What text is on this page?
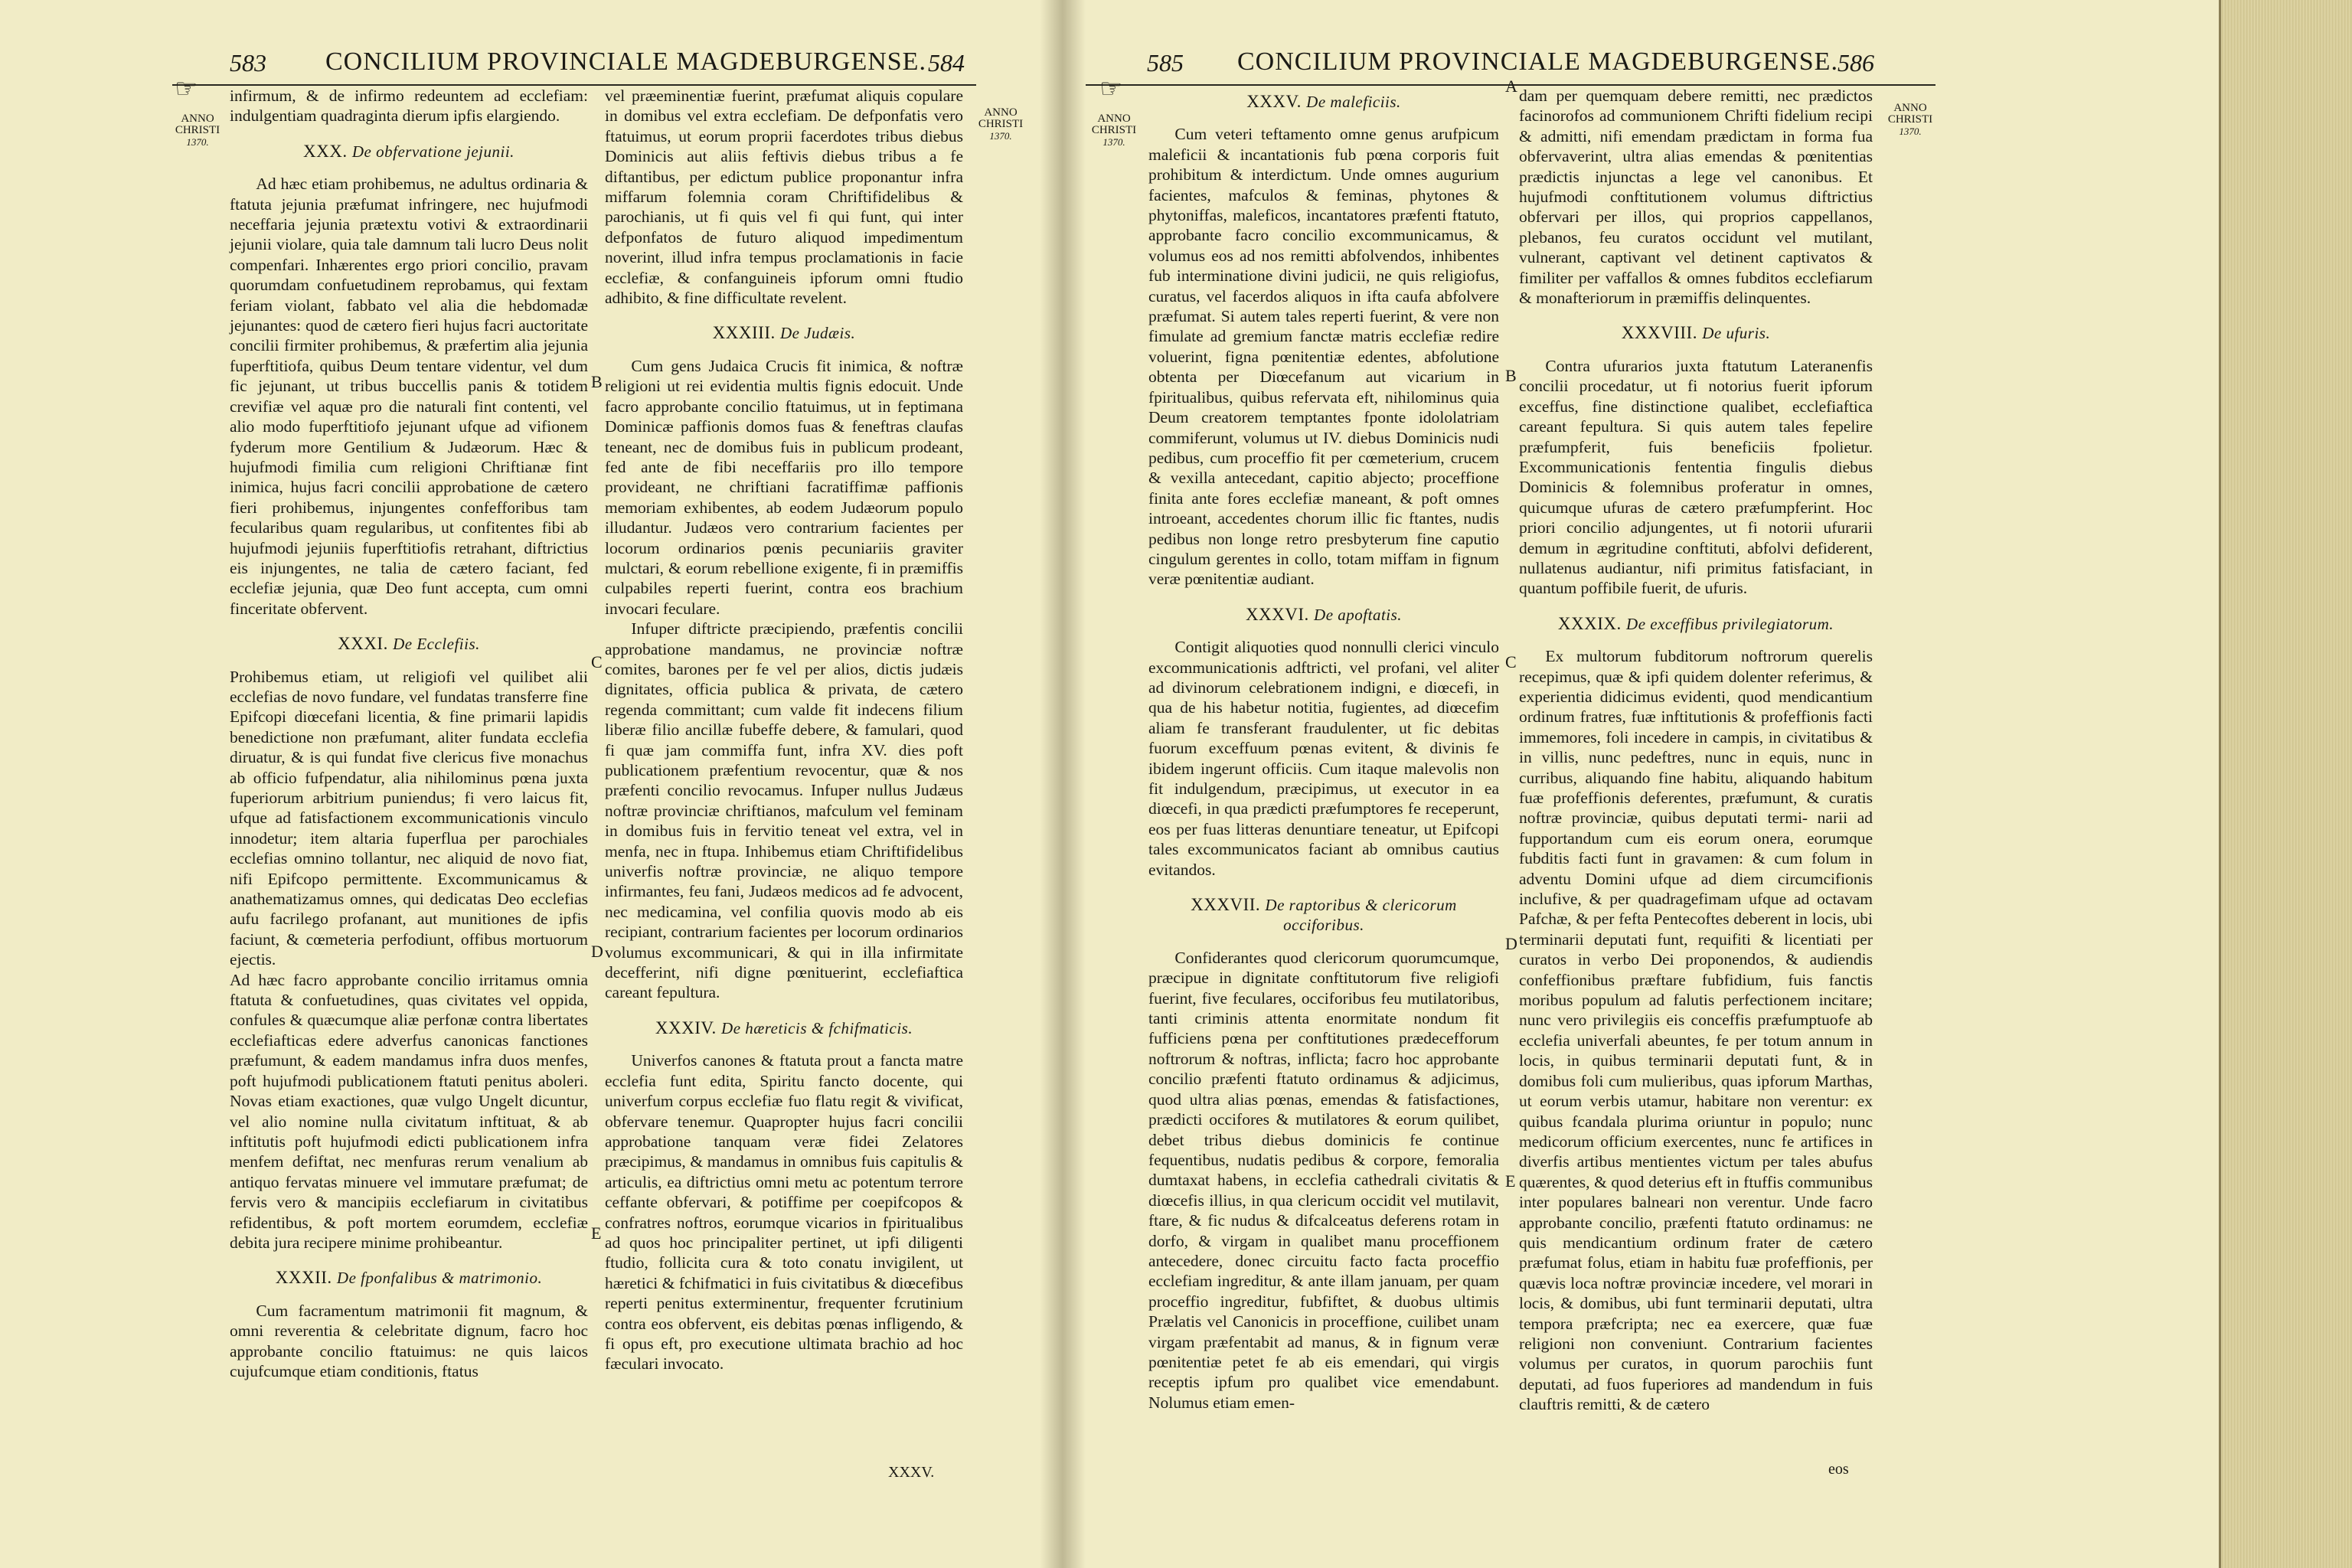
583 CONCILIUM PROVINCIALE MAGDEBURGENSE. 584
☞
ANNO
CHRISTI
1370.
ANNO
CHRISTI
1370.

infirmum, & de infirmo redeuntem ad ecclefiam: indulgentiam quadraginta dierum ipfis elargiendo.

XXX. De obfervatione jejunii.

Ad hæc etiam prohibemus, ne adultus ordinaria & ftatuta jejunia præfumat infringere, nec hujufmodi neceffaria jejunia prætextu votivi & extraordinarii jejunii violare, quia tale damnum tali lucro Deus nolit compenfari. Inhærentes ergo priori concilio, pravam quorumdam confuetudinem reprobamus, qui fextam feriam violant, fabbato vel alia die hebdomadæ jejunantes: quod de cætero fieri hujus facri auctoritate concilii firmiter prohibemus, & præfertim alia jejunia fuperftitiofa, quibus Deum tentare videntur, vel dum fic jejunant, ut tribus buccellis panis & totidem crevifiæ vel aquæ pro die naturali fint contenti, vel alio modo fuperftitiofo jejunant ufque ad vifionem fyderum more Gentilium & Judæorum. Hæc & hujufmodi fimilia cum religioni Chriftianæ fint inimica, hujus facri concilii approbatione de cætero fieri prohibemus, injungentes confefforibus tam fecularibus quam regularibus, ut confitentes fibi ab hujufmodi jejuniis fuperftitiofis retrahant, diftrictius eis injungentes, ne talia de cætero faciant, fed ecclefiæ jejunia, quæ Deo funt accepta, cum omni finceritate obfervent.

XXXI. De Ecclefiis.

Prohibemus etiam, ut religiofi vel quilibet alii ecclefias de novo fundare, vel fundatas transferre fine Epifcopi diœcefani licentia, & fine primarii lapidis benedictione non præfumant, aliter fundata ecclefia diruatur, & is qui fundat five clericus five monachus ab officio fufpendatur, alia nihilominus pœna juxta fuperiorum arbitrium puniendus; fi vero laicus fit, ufque ad fatisfactionem excommunicationis vinculo innodetur; item altaria fuperflua per parochiales ecclefias omnino tollantur, nec aliquid de novo fiat, nifi Epifcopo permittente. Excommunicamus & anathematizamus omnes, qui dedicatas Deo ecclefias aufu facrilego profanant, aut munitiones de ipfis faciunt, & cœmeteria perfodiunt, offibus mortuorum ejectis.

Ad hæc facro approbante concilio irritamus omnia ftatuta & confuetudines, quas civitates vel oppida, confules & quæcumque aliæ perfonæ contra libertates ecclefiafticas edere adverfus canonicas fanctiones præfumunt, & eadem mandamus infra duos menfes, poft hujufmodi publicationem ftatuti penitus aboleri. Novas etiam exactiones, quæ vulgo Ungelt dicuntur, vel alio nomine nulla civitatum inftituat, & ab inftitutis poft hujufmodi edicti publicationem infra menfem defiftat, nec menfuras rerum venalium ab antiquo fervatas minuere vel immutare præfumat; de fervis vero & mancipiis ecclefiarum in civitatibus refidentibus, & poft mortem eorumdem, ecclefiæ debita jura recipere minime prohibeantur.

XXXII. De fponfalibus & matrimonio.

Cum facramentum matrimonii fit magnum, & omni reverentia & celebritate dignum, facro hoc approbante concilio ftatuimus: ne quis laicos cujufcumque etiam conditionis, ftatus

B
C
D
E

vel præeminentiæ fuerint, præfumat aliquis copulare in domibus vel extra ecclefiam. De defponfatis vero ftatuimus, ut eorum proprii facerdotes tribus diebus Dominicis aut aliis feftivis diebus tribus a fe diftantibus, per edictum publice proponantur infra miffarum folemnia coram Chriftifidelibus & parochianis, ut fi quis vel fi qui funt, qui inter defponfatos de futuro aliquod impedimentum noverint, illud infra tempus proclamationis in facie ecclefiæ, & confanguineis ipforum omni ftudio adhibito, & fine difficultate revelent.

XXXIII. De Judæis.

Cum gens Judaica Crucis fit inimica, & noftræ religioni ut rei evidentia multis fignis edocuit. Unde facro approbante concilio ftatuimus, ut in feptimana Dominicæ paffionis domos fuas & feneftras claufas teneant, nec de domibus fuis in publicum prodeant, fed ante de fibi neceffariis pro illo tempore provideant, ne chriftiani facratiffimæ paffionis memoriam exhibentes, ab eodem Judæorum populo illudantur. Judæos vero contrarium facientes per locorum ordinarios pœnis pecuniariis graviter mulctari, & eorum rebellione exigente, fi in præmiffis culpabiles reperti fuerint, contra eos brachium invocari feculare.

Infuper diftricte præcipiendo, præfentis concilii approbatione mandamus, ne provinciæ noftræ comites, barones per fe vel per alios, dictis judæis dignitates, officia publica & privata, de cætero regenda committant; cum valde fit indecens filium liberæ filio ancillæ fubeffe debere, & famulari, quod fi quæ jam commiffa funt, infra XV. dies poft publicationem præfentium revocentur, quæ & nos præfenti concilio revocamus. Infuper nullus Judæus noftræ provinciæ chriftianos, mafculum vel feminam in domibus fuis in fervitio teneat vel extra, vel in menfa, nec in ftupa. Inhibemus etiam Chriftifidelibus univerfis noftræ provinciæ, ne aliquo tempore infirmantes, feu fani, Judæos medicos ad fe advocent, nec medicamina, vel confilia quovis modo ab eis recipiant, contrarium facientes per locorum ordinarios volumus excommunicari, & qui in illa infirmitate decefferint, nifi digne pœnituerint, ecclefiaftica careant fepultura.

XXXIV. De hæreticis & fchifmaticis.

Univerfos canones & ftatuta prout a fancta matre ecclefia funt edita, Spiritu fancto docente, qui univerfum corpus ecclefiæ fuo flatu regit & vivificat, obfervare tenemur. Quapropter hujus facri concilii approbatione tanquam veræ fidei Zelatores præcipimus, & mandamus in omnibus fuis capitulis & articulis, ea diftrictius omni metu ac potentum terrore ceffante obfervari, & potiffime per coepifcopos & confratres noftros, eorumque vicarios in fpiritualibus ad quos hoc principaliter pertinet, ut ipfi diligenti ftudio, follicita cura & toto conatu invigilent, ut hæretici & fchifmatici in fuis civitatibus & diœcefibus reperti penitus exterminentur, frequenter fcrutinium contra eos obfervent, eis debitas pœnas infligendo, & fi opus eft, pro executione ultimata brachio ad hoc fæculari invocato.

XXXV.
585 CONCILIUM PROVINCIALE MAGDEBURGENSE. 586
☞
ANNO
CHRISTI
1370.
ANNO
CHRISTI
1370.
XXXV. De maleficiis.

Cum veteri teftamento omne genus arufpicum maleficii & incantationis fub pœna corporis fuit prohibitum & interdictum. Unde omnes augurium facientes, mafculos & feminas, phytones & phytoniffas, maleficos, incantatores præfenti ftatuto, approbante facro concilio excommunicamus, & volumus eos ad nos remitti abfolvendos, inhibentes fub interminatione divini judicii, ne quis religiofus, curatus, vel facerdos aliquos in ifta caufa abfolvere præfumat. Si autem tales reperti fuerint, & vere non fimulate ad gremium fanctæ matris ecclefiæ redire voluerint, figna pœnitentiæ edentes, abfolutione obtenta per Diœcefanum aut vicarium in fpiritualibus, quibus refervata eft, nihilominus quia Deum creatorem temptantes fponte idololatriam commiferunt, volumus ut IV. diebus Dominicis nudi pedibus, cum proceffio fit per cœmeterium, crucem & vexilla antecedant, capitio abjecto; proceffione finita ante fores ecclefiæ maneant, & poft omnes introeant, accedentes chorum illic fic ftantes, nudis pedibus non longe retro presbyterum fine caputio cingulum gerentes in collo, totam miffam in fignum veræ pœnitentiæ audiant.

XXXVI. De apoftatis.

Contigit aliquoties quod nonnulli clerici vinculo excommunicationis adftricti, vel profani, vel aliter ad divinorum celebrationem indigni, e diœcefi, in qua de his habetur notitia, fugientes, ad diœcefim aliam fe transferant fraudulenter, ut fic debitas fuorum exceffuum pœnas evitent, & divinis fe ibidem ingerunt officiis. Cum itaque malevolis non fit indulgendum, præcipimus, ut executor in ea diœcefi, in qua prædicti præfumptores fe receperunt, eos per fuas litteras denuntiare teneatur, ut Epifcopi tales excommunicatos faciant ab omnibus cautius evitandos.

XXXVII. De raptoribus & clericorum occiforibus.

Confiderantes quod clericorum quorumcumque, præcipue in dignitate conftitutorum five religiofi fuerint, five feculares, occiforibus feu mutilatoribus, tanti criminis attenta enormitate nondum fit fufficiens pœna per conftitutiones prædecefforum noftrorum & noftras, inflicta; facro hoc approbante concilio præfenti ftatuto ordinamus & adjicimus, quod ultra alias pœnas, emendas & fatisfactiones, prædicti occifores & mutilatores & eorum quilibet, debet tribus diebus dominicis fe continue fequentibus, nudatis pedibus & corpore, femoralia dumtaxat habens, in ecclefia cathedrali civitatis & diœcefis illius, in qua clericum occidit vel mutilavit, ftare, & fic nudus & difcalceatus deferens rotam in dorfo, & virgam in qualibet manu proceffionem antecedere, donec circuitu facto facta proceffio ecclefiam ingreditur, & ante illam januam, per quam proceffio ingreditur, fubfiftet, & duobus ultimis Prælatis vel Canonicis in proceffione, cuilibet unam virgam præfentabit ad manus, & in fignum veræ pœnitentiæ petet fe ab eis emendari, qui virgis receptis ipfum pro qualibet vice emendabunt. Nolumus etiam emen-

A
B
C
D
E

dam per quemquam debere remitti, nec prædictos facinorofos ad communionem Chrifti fidelium recipi & admitti, nifi emendam prædictam in forma fua obfervaverint, ultra alias emendas & pœnitentias prædictis injunctas a lege vel canonibus. Et hujufmodi conftitutionem volumus diftrictius obfervari per illos, qui proprios cappellanos, plebanos, feu curatos occidunt vel mutilant, vulnerant, captivant vel detinent captivatos & fimiliter per vaffallos & omnes fubditos ecclefiarum & monafteriorum in præmiffis delinquentes.

XXXVIII. De ufuris.

Contra ufurarios juxta ftatutum Lateranenfis concilii procedatur, ut fi notorius fuerit ipforum exceffus, fine distinctione qualibet, ecclefiaftica careant fepultura. Si quis autem tales fepelire præfumpferit, fuis beneficiis fpolietur. Excommunicationis fententia fingulis diebus Dominicis & folemnibus proferatur in omnes, quicumque ufuras de cætero præfumpferint. Hoc priori concilio adjungentes, ut fi notorii ufurarii demum in ægritudine conftituti, abfolvi defiderent, nullatenus audiantur, nifi primitus fatisfaciant, in quantum poffibile fuerit, de ufuris.

XXXIX. De exceffibus privilegiatorum.

Ex multorum fubditorum noftrorum querelis recepimus, quæ & ipfi quidem dolenter referimus, & experientia didicimus evidenti, quod mendicantium ordinum fratres, fuæ inftitutionis & profeffionis facti immemores, foli incedere in campis, in civitatibus & in villis, nunc pedeftres, nunc in equis, nunc in curribus, aliquando fine habitu, aliquando habitum fuæ profeffionis deferentes, præfumunt, & curatis noftræ provinciæ, quibus deputati termi- narii ad fupportandum cum eis eorum onera, eorumque fubditis facti funt in gravamen: & cum folum in adventu Domini ufque ad diem circumcifionis inclufive, & per quadragefimam ufque ad octavam Pafchæ, & per fefta Pentecoftes deberent in locis, ubi terminarii deputati funt, requifiti & licentiati per curatos in verbo Dei proponendos, & audiendis confeffionibus præftare fubfidium, fuis fanctis moribus populum ad falutis perfectionem incitare; nunc vero privilegiis eis conceffis præfumptuofe ab ecclefia univerfali abeuntes, fe per totum annum in locis, in quibus terminarii deputati funt, & in domibus foli cum mulieribus, quas ipforum Marthas, ut eorum verbis utamur, habitare non verentur: ex quibus fcandala plurima oriuntur in populo; nunc medicorum officium exercentes, nunc fe artifices in diverfis artibus mentientes victum per tales abufus quærentes, & quod deterius eft in ftuffis communibus inter populares balneari non verentur. Unde facro approbante concilio, præfenti ftatuto ordinamus: ne quis mendicantium ordinum frater de cætero præfumat folus, etiam in habitu fuæ profeffionis, per quævis loca noftræ provinciæ incedere, vel morari in locis, & domibus, ubi funt terminarii deputati, ultra tempora præfcripta; nec ea exercere, quæ fuæ religioni non conveniunt. Contrarium facientes volumus per curatos, in quorum parochiis funt deputati, ad fuos fuperiores ad mandendum in fuis clauftris remitti, & de cætero

eos
